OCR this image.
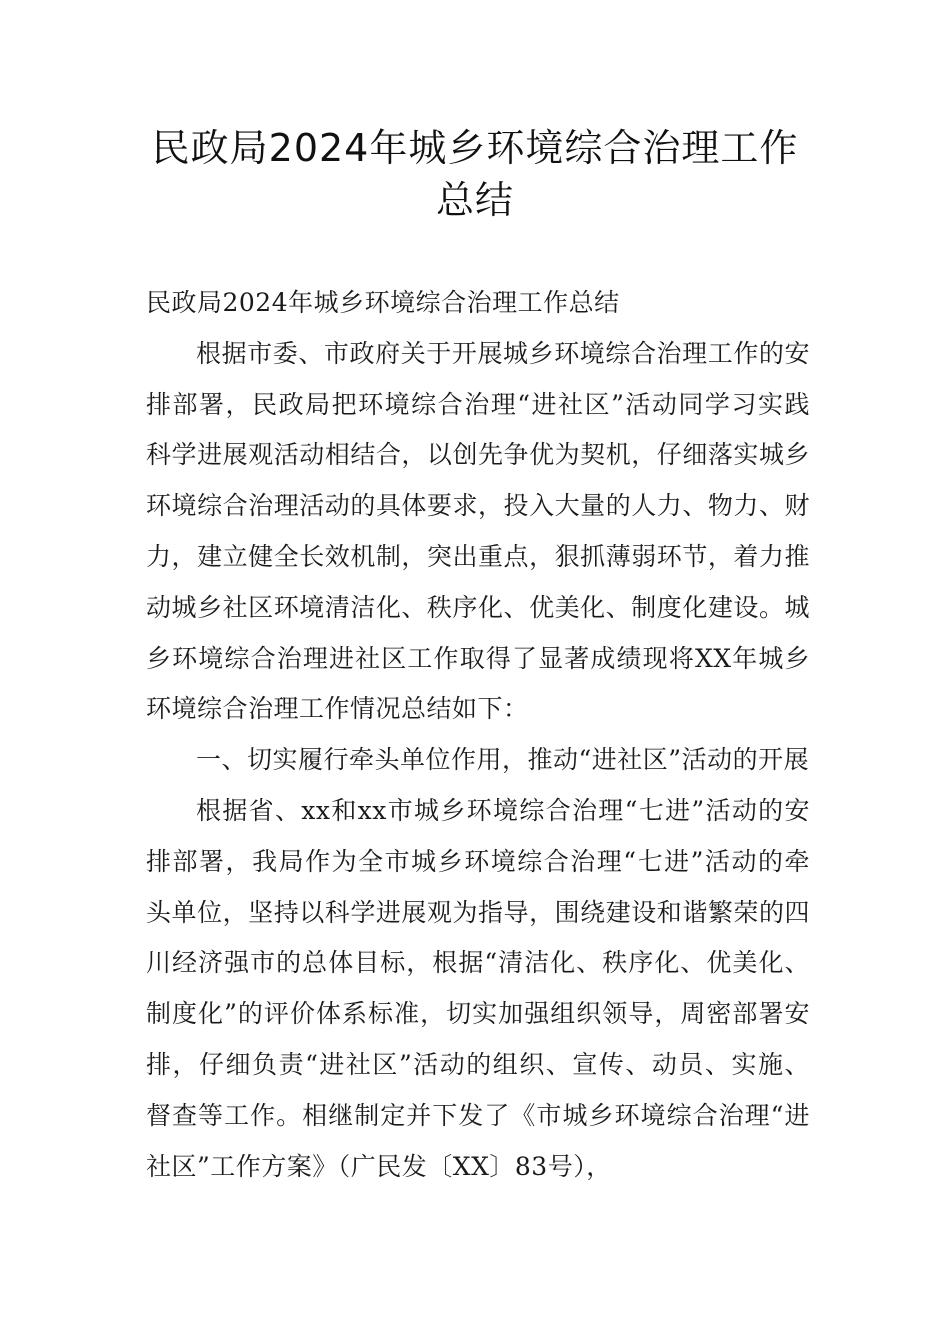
民政局2024年城乡环境综合治理工作
总结

民政局2024年城乡环境综合治理工作总结

根据市委、市政府关于开展城乡环境综合治理工作的安排部署，民政局把环境综合治理“进社区”活动同学习实践科学进展观活动相结合，以创先争优为契机，仔细落实城乡环境综合治理活动的具体要求，投入大量的人力、物力、财力，建立健全长效机制，突出重点，狠抓薄弱环节，着力推动城乡社区环境清洁化、秩序化、优美化、制度化建设。城乡环境综合治理进社区工作取得了显著成绩现将XX年城乡环境综合治理工作情况总结如下：

一、切实履行牵头单位作用，推动“进社区”活动的开展

根据省、xx和xx市城乡环境综合治理“七进”活动的安排部署，我局作为全市城乡环境综合治理“七进”活动的牵头单位，坚持以科学进展观为指导，围绕建设和谐繁荣的四川经济强市的总体目标，根据“清洁化、秩序化、优美化、制度化”的评价体系标准，切实加强组织领导，周密部署安排，仔细负责“进社区”活动的组织、宣传、动员、实施、督查等工作。相继制定并下发了《市城乡环境综合治理“进社区”工作方案》（广民发〔XX〕83号），
